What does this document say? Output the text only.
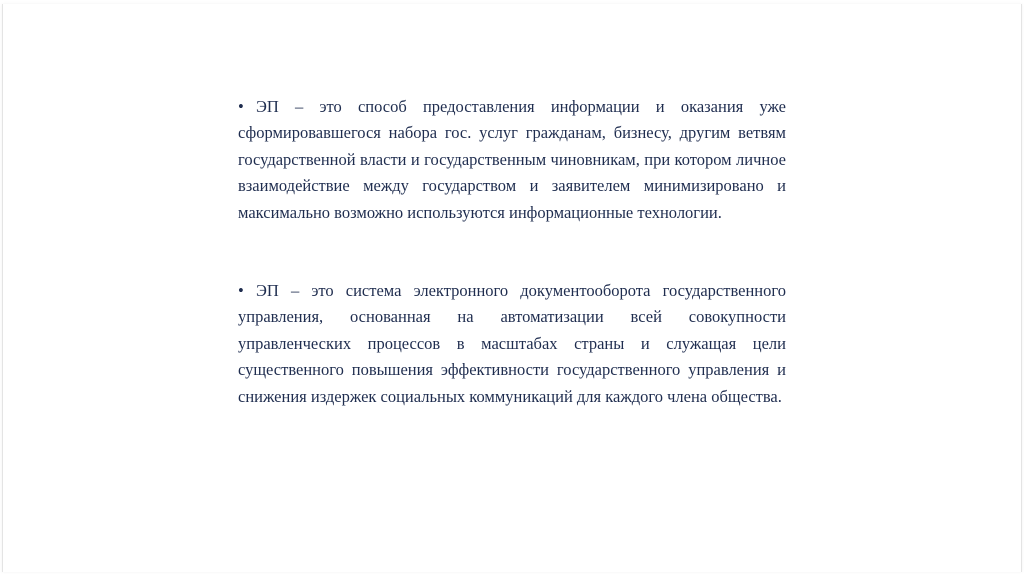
• ЭП – это способ предоставления информации и оказания уже сформировавшегося набора гос. услуг гражданам, бизнесу, другим ветвям государственной власти и государственным чиновникам, при котором личное взаимодействие между государством и заявителем минимизировано и максимально возможно используются информационные технологии.

• ЭП – это система электронного документооборота государственного управления, основанная на автоматизации всей совокупности управленческих процессов в масштабах страны и служащая цели существенного повышения эффективности государственного управления и снижения издержек социальных коммуникаций для каждого члена общества.
